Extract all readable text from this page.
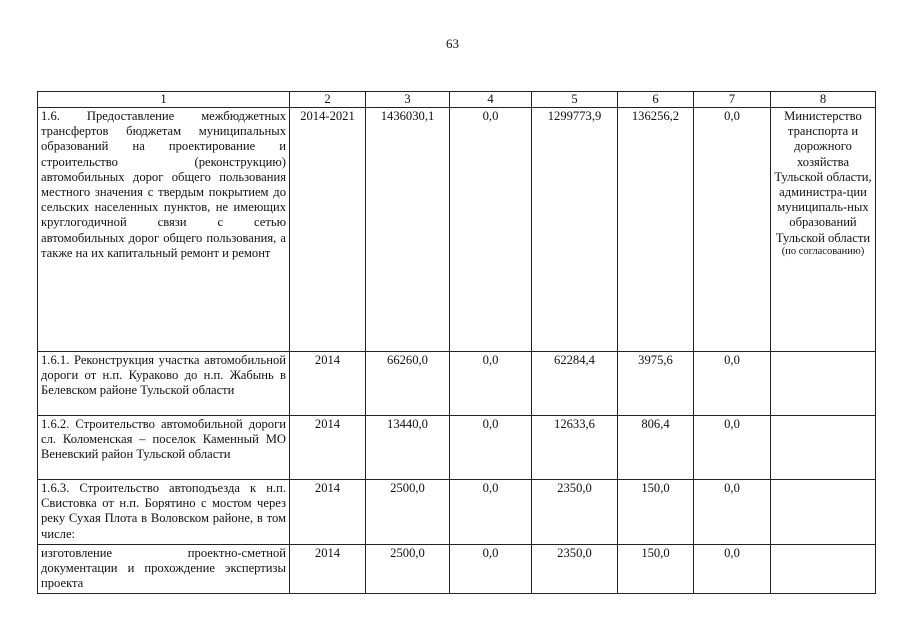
63
1	2	3	4	5	6	7	8
1.6. Предоставление межбюджетных трансфертов бюджетам муниципальных образований на проектирование и строительство (реконструкцию) автомобильных дорог общего пользования местного значения с твердым покрытием до сельских населенных пунктов, не имеющих круглогодичной связи с сетью автомобильных дорог общего пользования, а также на их капитальный ремонт и ремонт	2014-2021	1436030,1	0,0	1299773,9	136256,2	0,0	Министерство транспорта и дорожного хозяйства Тульской области, администра-ции муниципаль-ных образований Тульской области
(по согласованию)

1.6.1. Реконструкция участка автомобильной дороги от н.п. Кураково до н.п. Жабынь в Белевском районе Тульской области	2014	66260,0	0,0	62284,4	3975,6	0,0	
1.6.2. Строительство автомобильной дороги сл. Коломенская – поселок Каменный МО Веневский район Тульской области	2014	13440,0	0,0	12633,6	806,4	0,0	
1.6.3. Строительство автоподъезда к н.п. Свистовка от н.п. Борятино с мостом через реку Сухая Плота в Воловском районе, в том числе:	2014	2500,0	0,0	2350,0	150,0	0,0	
изготовление проектно-сметной документации и прохождение экспертизы проекта	2014	2500,0	0,0	2350,0	150,0	0,0	
